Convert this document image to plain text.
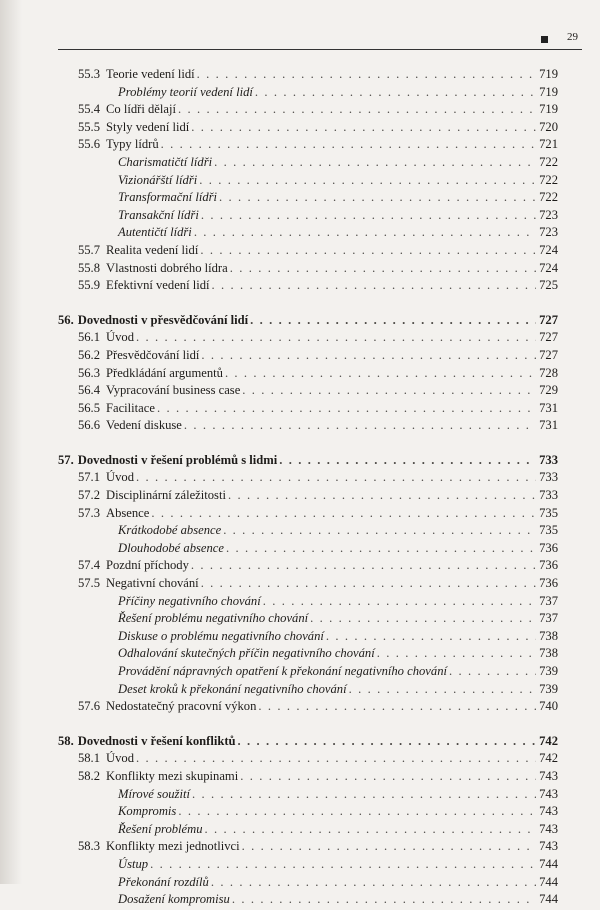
29
55.3 Teorie vedení lidí . . .	719
Problémy teorií vedení lidí . . .	719
55.4 Co lídři dělají . . .	719
55.5 Styly vedení lidí . . .	720
55.6 Typy lídrů . . .	721
Charismatičtí lídři . . .	722
Vizionářští lídři . . .	722
Transformační lídři . . .	722
Transakční lídři . . .	723
Autentičtí lídři . . .	723
55.7 Realita vedení lidí . . .	724
55.8 Vlastnosti dobrého lídra . . .	724
55.9 Efektivní vedení lidí . . .	725
56. Dovednosti v přesvědčování lidí . . .	727
56.1 Úvod . . .	727
56.2 Přesvědčování lidí . . .	727
56.3 Předkládání argumentů . . .	728
56.4 Vypracování business case . . .	729
56.5 Facilitace . . .	731
56.6 Vedení diskuse . . .	731
57. Dovednosti v řešení problémů s lidmi . . .	733
57.1 Úvod . . .	733
57.2 Disciplinární záležitosti . . .	733
57.3 Absence . . .	735
Krátkodobé absence . . .	735
Dlouhodobé absence . . .	736
57.4 Pozdní příchody . . .	736
57.5 Negativní chování . . .	736
Příčiny negativního chování . . .	737
Řešení problému negativního chování . . .	737
Diskuse o problému negativního chování . . .	738
Odhalování skutečných příčin negativního chování . . .	738
Provádění nápravných opatření k překonání negativního chování . . .	739
Deset kroků k překonání negativního chování . . .	739
57.6 Nedostatečný pracovní výkon . . .	740
58. Dovednosti v řešení konfliktů . . .	742
58.1 Úvod . . .	742
58.2 Konflikty mezi skupinami . . .	743
Mírové soužití . . .	743
Kompromis . . .	743
Řešení problému . . .	743
58.3 Konflikty mezi jednotlivci . . .	743
Ústup . . .	744
Překonání rozdílů . . .	744
Dosažení kompromisu . . .	744
